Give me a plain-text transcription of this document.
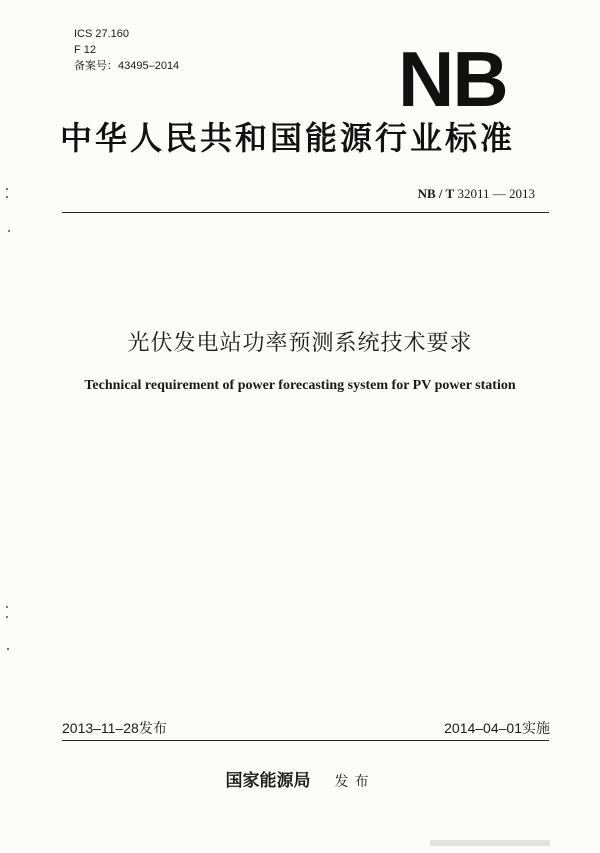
ICS 27.160
F 12
备案号：43495–2014	NB
中华人民共和国能源行业标准
NB / T 32011 — 2013
光伏发电站功率预测系统技术要求
Technical requirement of power forecasting system for PV power station
2013–11–28发布	2014–04–01实施
国家能源局 发布
